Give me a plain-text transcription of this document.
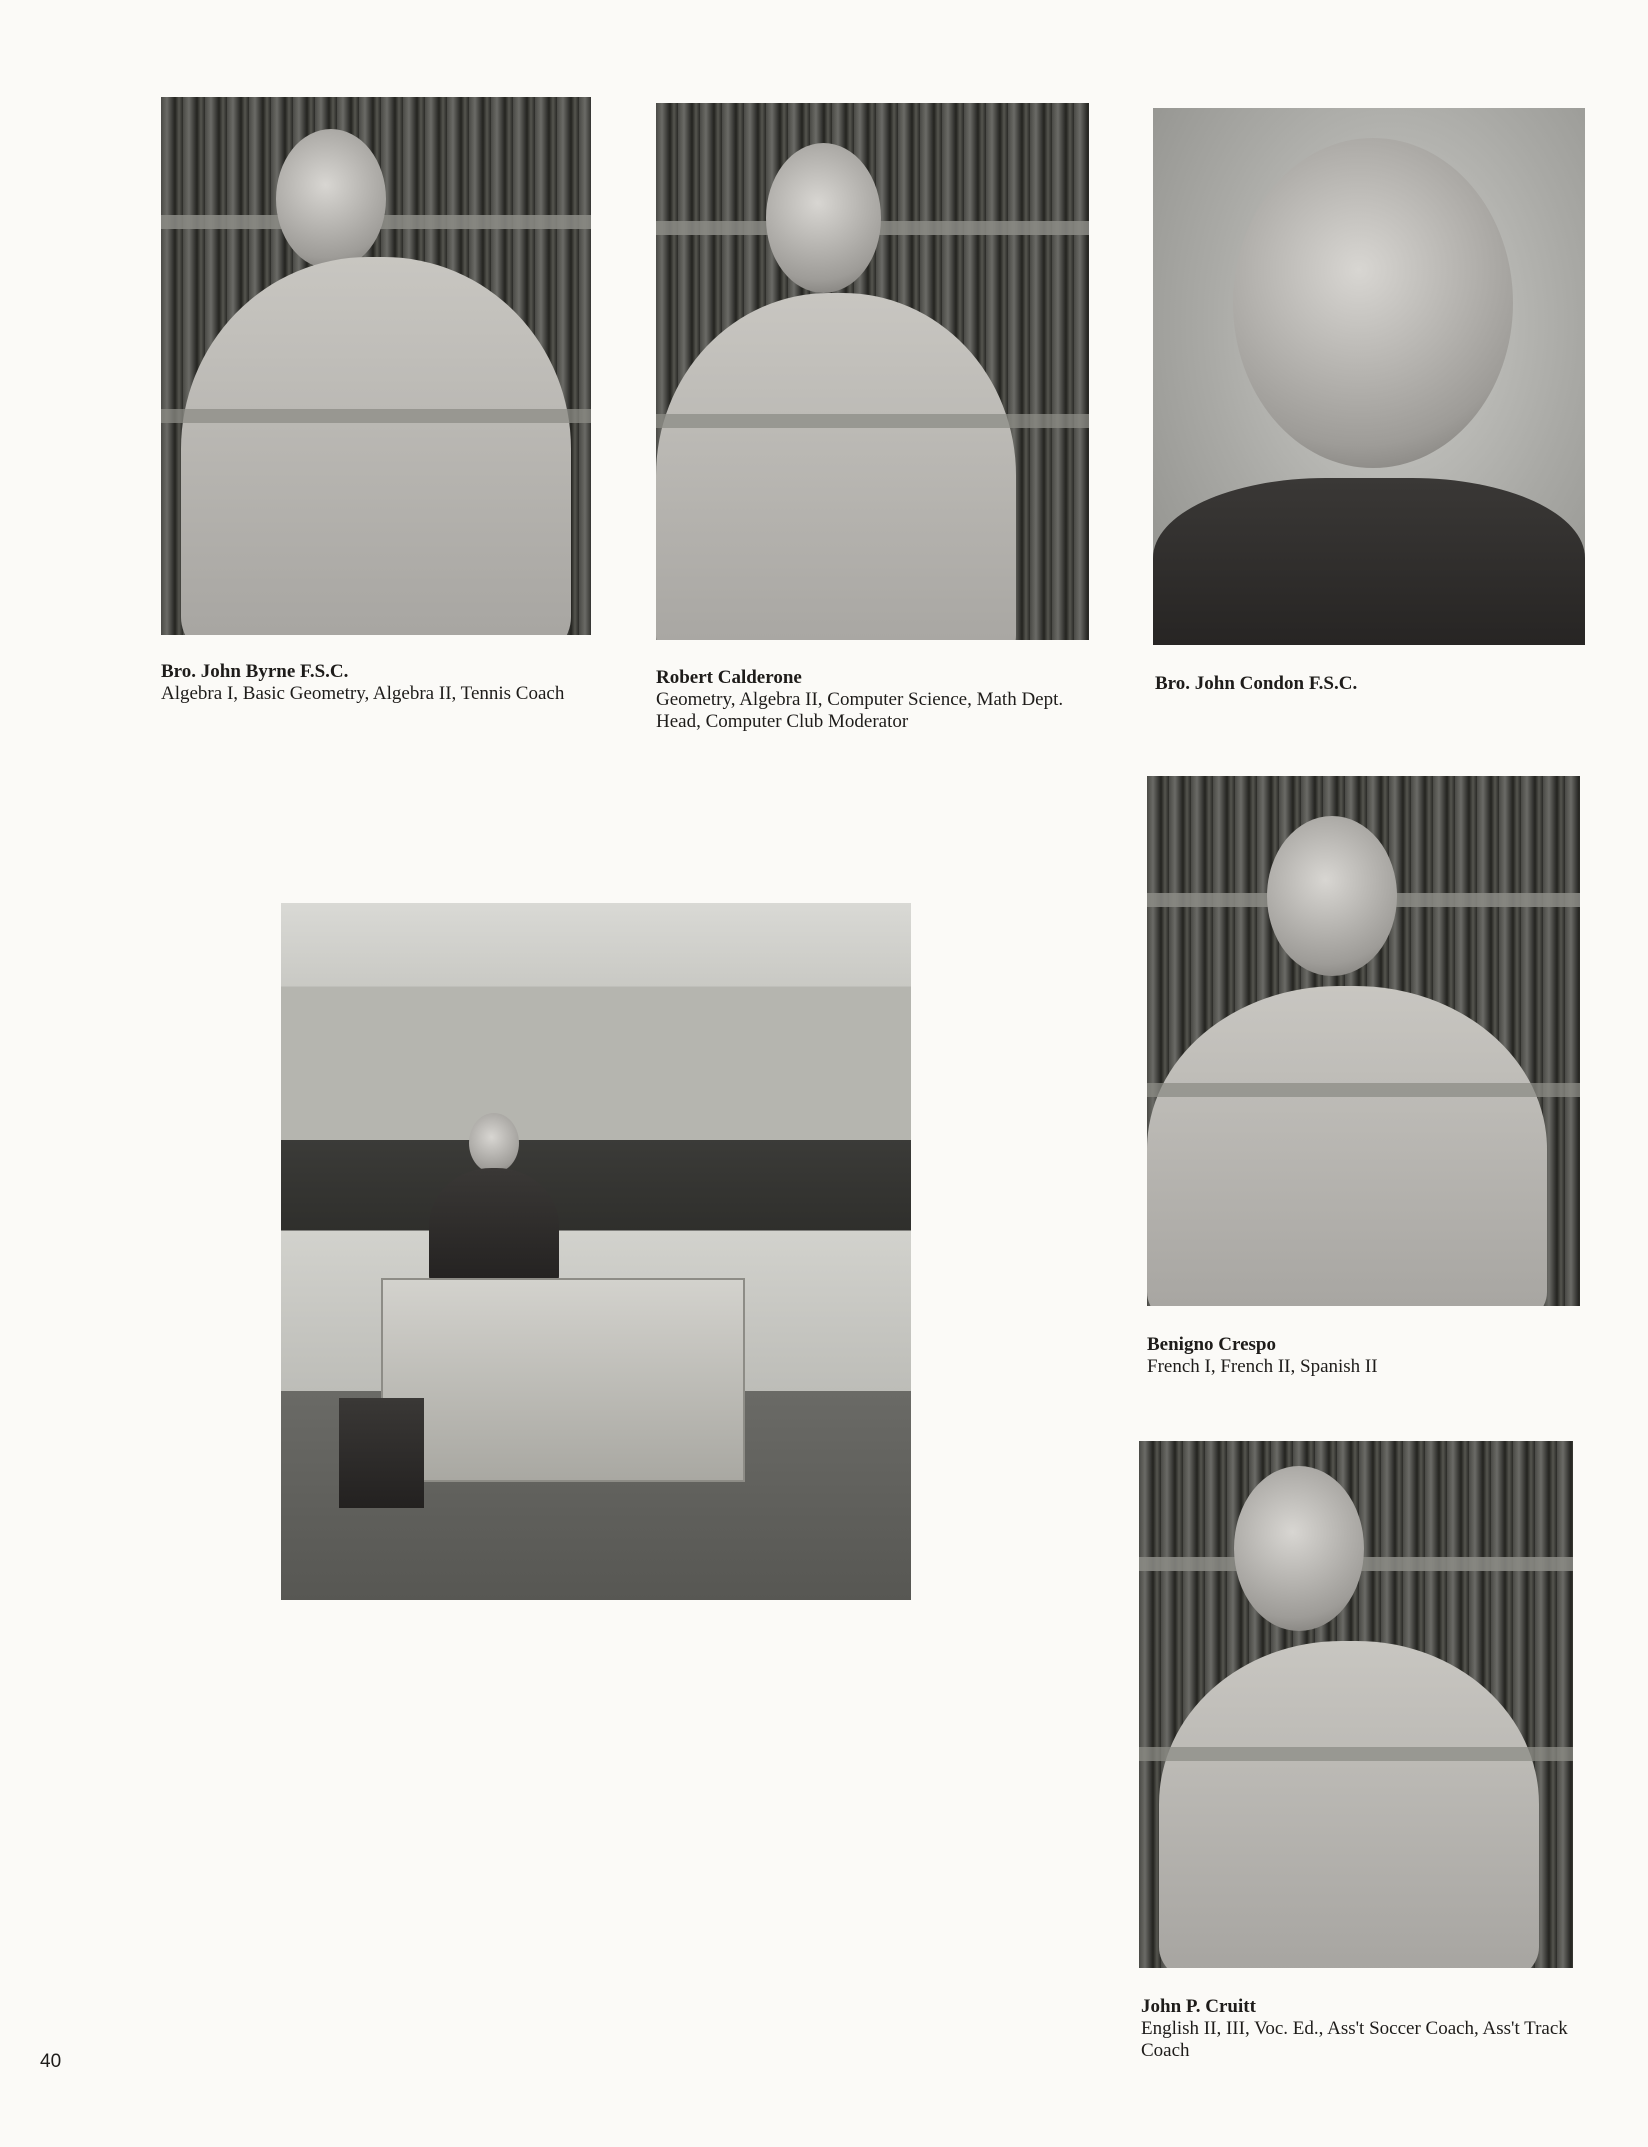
Bro. John Byrne F.S.C.
Algebra I, Basic Geometry, Algebra II, Tennis Coach
Robert Calderone
Geometry, Algebra II, Computer Science, Math Dept. Head, Computer Club Moderator
Bro. John Condon F.S.C.
Benigno Crespo
French I, French II, Spanish II
John P. Cruitt
English II, III, Voc. Ed., Ass't Soccer Coach, Ass't Track Coach
40
